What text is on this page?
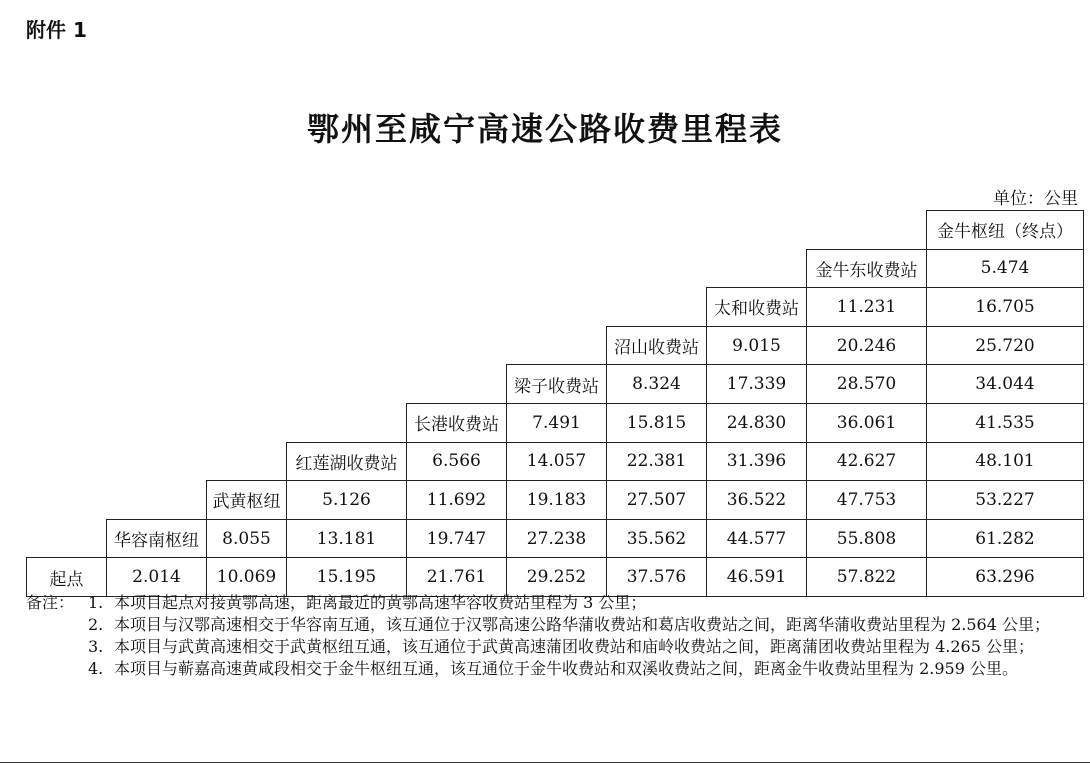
附件 1
鄂州至咸宁高速公路收费里程表
单位：公里
									金牛枢纽（终点）
								金牛东收费站	5.474
							太和收费站	11.231	16.705
						沼山收费站	9.015	20.246	25.720
					梁子收费站	8.324	17.339	28.570	34.044
				长港收费站	7.491	15.815	24.830	36.061	41.535
			红莲湖收费站	6.566	14.057	22.381	31.396	42.627	48.101
		武黄枢纽	5.126	11.692	19.183	27.507	36.522	47.753	53.227
	华容南枢纽	8.055	13.181	19.747	27.238	35.562	44.577	55.808	61.282
起点	2.014	10.069	15.195	21.761	29.252	37.576	46.591	57.822	63.296
备注： 1. 本项目起点对接黄鄂高速，距离最近的黄鄂高速华容收费站里程为 3 公里；
2. 本项目与汉鄂高速相交于华容南互通，该互通位于汉鄂高速公路华蒲收费站和葛店收费站之间，距离华蒲收费站里程为 2.564 公里；
3. 本项目与武黄高速相交于武黄枢纽互通，该互通位于武黄高速蒲团收费站和庙岭收费站之间，距离蒲团收费站里程为 4.265 公里；
4. 本项目与蕲嘉高速黄咸段相交于金牛枢纽互通，该互通位于金牛收费站和双溪收费站之间，距离金牛收费站里程为 2.959 公里。
